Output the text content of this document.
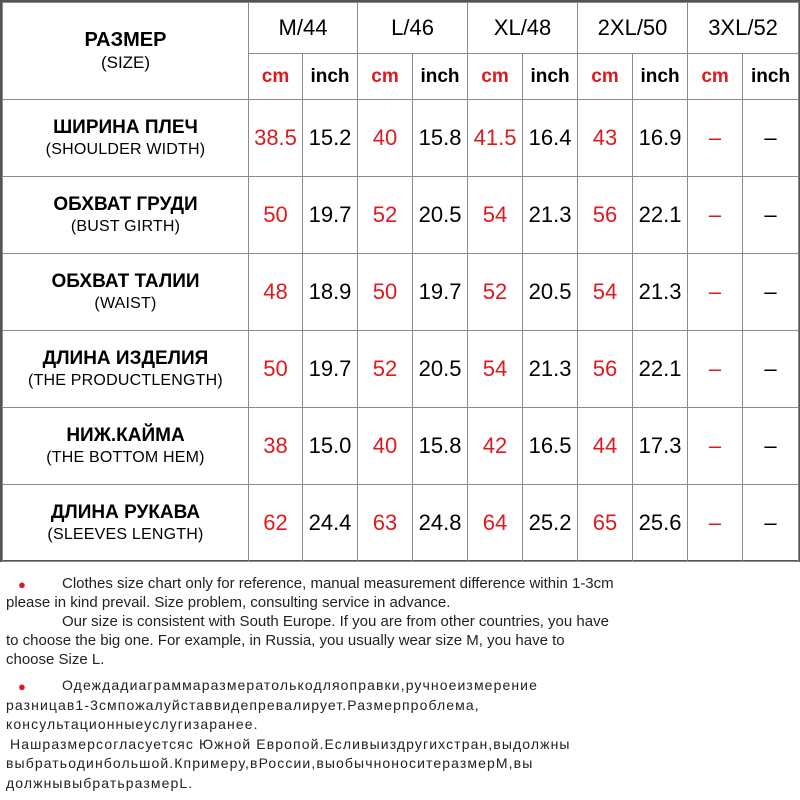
РАЗМЕР
(SIZE)	M/44		L/46		XL/48		2XL/50		3XL/52	
	cm	inch	cm	inch	cm	inch	cm	inch	cm	inch

ШИРИНА ПЛЕЧ
(SHOULDER WIDTH)	38.5	15.2	40	15.8	41.5	16.4	43	16.9	–	–

ОБХВАТ ГРУДИ
(BUST GIRTH)	50	19.7	52	20.5	54	21.3	56	22.1	–	–

ОБХВАТ ТАЛИИ
(WAIST)	48	18.9	50	19.7	52	20.5	54	21.3	–	–

ДЛИНА ИЗДЕЛИЯ
(THE PRODUCTLENGTH)	50	19.7	52	20.5	54	21.3	56	22.1	–	–

НИЖ.КАЙМА
(THE BOTTOM HEM)	38	15.0	40	15.8	42	16.5	44	17.3	–	–

ДЛИНА РУКАВА
(SLEEVES LENGTH)	62	24.4	63	24.8	64	25.2	65	25.6	–	–
●	Clothes size chart only for reference, manual measurement difference within 1-3cm

please in kind prevail. Size problem, consulting service in advance.

Our size is consistent with South Europe. If you are from other countries, you have

to choose the big one. For example, in Russia, you usually wear size M, you have to

choose Size L.

●	Одеждадиаграммаразмератолькодляоправки,ручноеизмерение

разницав1-3смпожалуйставвидепревалирует.Размерпроблема,

консультационныеуслугизаранее.

Нашразмерсогласуетсяс Южной Европой.Есливыиздругихстран,выдолжны

выбратьодинбольшой.Кпримеру,вРоссии,выобычноноситеразмерМ,вы

должнывыбратьразмерL.
